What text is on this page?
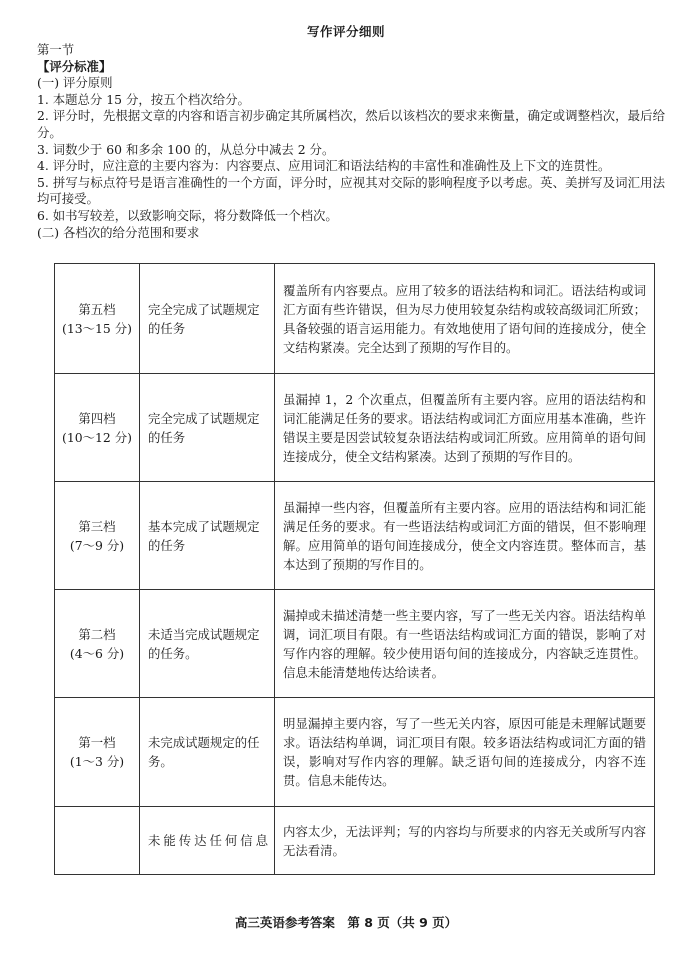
写作评分细则
第一节
【评分标准】
(一) 评分原则
1. 本题总分 15 分，按五个档次给分。
2. 评分时，先根据文章的内容和语言初步确定其所属档次，然后以该档次的要求来衡量，确定或调整档次，最后给分。
3. 词数少于 60 和多余 100 的，从总分中减去 2 分。
4. 评分时，应注意的主要内容为：内容要点、应用词汇和语法结构的丰富性和准确性及上下文的连贯性。
5. 拼写与标点符号是语言准确性的一个方面，评分时，应视其对交际的影响程度予以考虑。英、美拼写及词汇用法均可接受。
6. 如书写较差，以致影响交际，将分数降低一个档次。
(二) 各档次的给分范围和要求
第五档
(13～15 分)	完全完成了试题规定的任务	覆盖所有内容要点。应用了较多的语法结构和词汇。语法结构或词汇方面有些许错误，但为尽力使用较复杂结构或较高级词汇所致；具备较强的语言运用能力。有效地使用了语句间的连接成分，使全文结构紧凑。完全达到了预期的写作目的。

第四档
(10～12 分)	完全完成了试题规定的任务	虽漏掉 1，2 个次重点，但覆盖所有主要内容。应用的语法结构和词汇能满足任务的要求。语法结构或词汇方面应用基本准确，些许错误主要是因尝试较复杂语法结构或词汇所致。应用简单的语句间连接成分，使全文结构紧凑。达到了预期的写作目的。

第三档
(7～9 分)	基本完成了试题规定的任务	虽漏掉一些内容，但覆盖所有主要内容。应用的语法结构和词汇能满足任务的要求。有一些语法结构或词汇方面的错误，但不影响理解。应用简单的语句间连接成分，使全文内容连贯。整体而言，基本达到了预期的写作目的。

第二档
(4～6 分)	未适当完成试题规定的任务。	漏掉或未描述清楚一些主要内容，写了一些无关内容。语法结构单调，词汇项目有限。有一些语法结构或词汇方面的错误，影响了对写作内容的理解。较少使用语句间的连接成分，内容缺乏连贯性。信息未能清楚地传达给读者。

第一档
(1～3 分)	未完成试题规定的任务。	明显漏掉主要内容，写了一些无关内容，原因可能是未理解试题要求。语法结构单调，词汇项目有限。较多语法结构或词汇方面的错误，影响对写作内容的理解。缺乏语句间的连接成分，内容不连贯。信息未能传达。

	未能传达任何信息	内容太少，无法评判；写的内容均与所要求的内容无关或所写内容无法看清。
高三英语参考答案　第 8 页（共 9 页）
